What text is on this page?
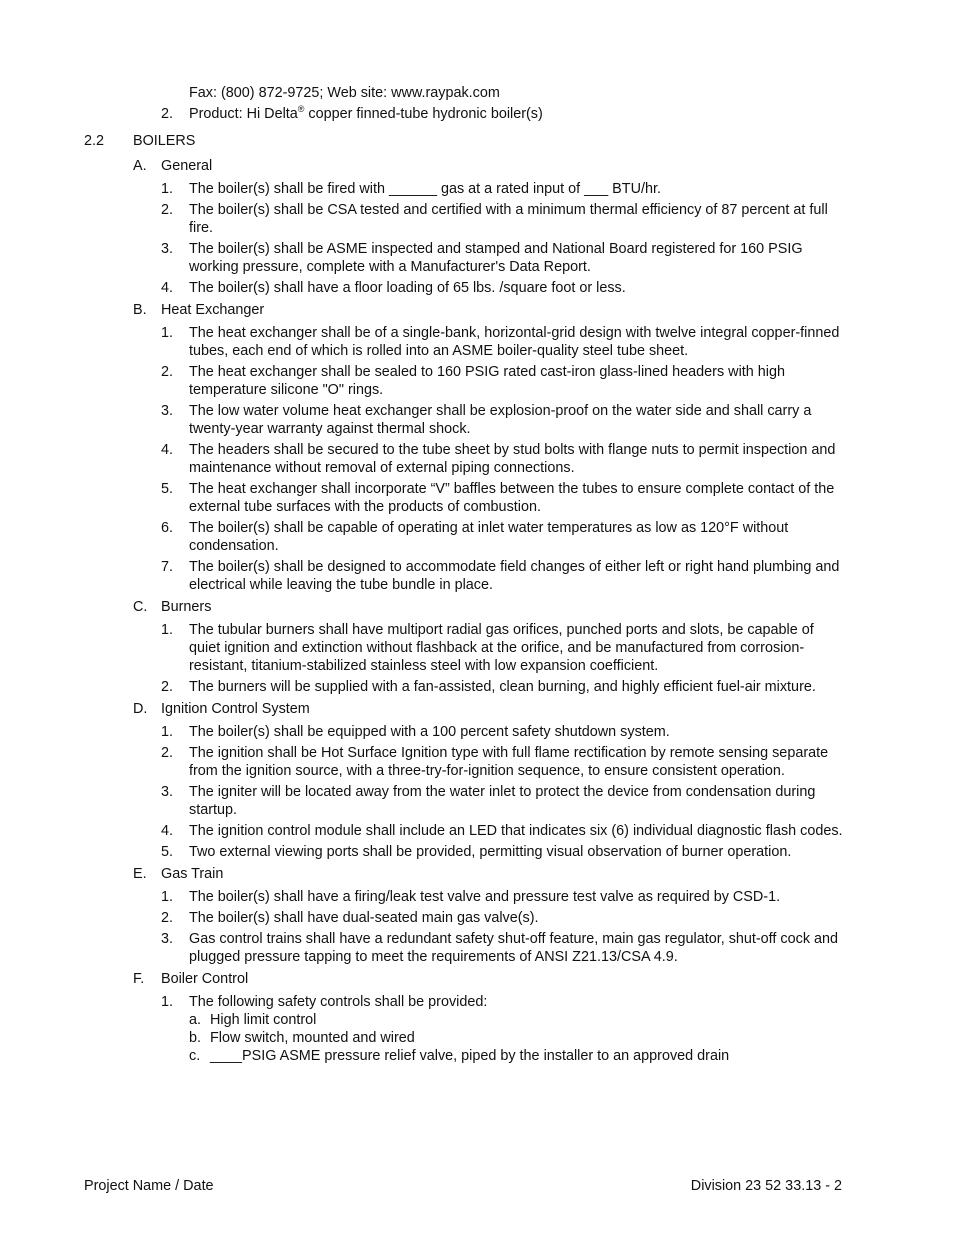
Fax: (800) 872-9725; Web site: www.raypak.com
2. Product: Hi Delta® copper finned-tube hydronic boiler(s)
2.2 BOILERS
A. General
1. The boiler(s) shall be fired with ______ gas at a rated input of ___ BTU/hr.
2. The boiler(s) shall be CSA tested and certified with a minimum thermal efficiency of 87 percent at full fire.
3. The boiler(s) shall be ASME inspected and stamped and National Board registered for 160 PSIG working pressure, complete with a Manufacturer's Data Report.
4. The boiler(s) shall have a floor loading of 65 lbs. /square foot or less.
B. Heat Exchanger
1. The heat exchanger shall be of a single-bank, horizontal-grid design with twelve integral copper-finned tubes, each end of which is rolled into an ASME boiler-quality steel tube sheet.
2. The heat exchanger shall be sealed to 160 PSIG rated cast-iron glass-lined headers with high temperature silicone "O" rings.
3. The low water volume heat exchanger shall be explosion-proof on the water side and shall carry a twenty-year warranty against thermal shock.
4. The headers shall be secured to the tube sheet by stud bolts with flange nuts to permit inspection and maintenance without removal of external piping connections.
5. The heat exchanger shall incorporate “V” baffles between the tubes to ensure complete contact of the external tube surfaces with the products of combustion.
6. The boiler(s) shall be capable of operating at inlet water temperatures as low as 120°F without condensation.
7. The boiler(s) shall be designed to accommodate field changes of either left or right hand plumbing and electrical while leaving the tube bundle in place.
C. Burners
1. The tubular burners shall have multiport radial gas orifices, punched ports and slots, be capable of quiet ignition and extinction without flashback at the orifice, and be manufactured from corrosion-resistant, titanium-stabilized stainless steel with low expansion coefficient.
2. The burners will be supplied with a fan-assisted, clean burning, and highly efficient fuel-air mixture.
D. Ignition Control System
1. The boiler(s) shall be equipped with a 100 percent safety shutdown system.
2. The ignition shall be Hot Surface Ignition type with full flame rectification by remote sensing separate from the ignition source, with a three-try-for-ignition sequence, to ensure consistent operation.
3. The igniter will be located away from the water inlet to protect the device from condensation during startup.
4. The ignition control module shall include an LED that indicates six (6) individual diagnostic flash codes.
5. Two external viewing ports shall be provided, permitting visual observation of burner operation.
E. Gas Train
1. The boiler(s) shall have a firing/leak test valve and pressure test valve as required by CSD-1.
2. The boiler(s) shall have dual-seated main gas valve(s).
3. Gas control trains shall have a redundant safety shut-off feature, main gas regulator, shut-off cock and plugged pressure tapping to meet the requirements of ANSI Z21.13/CSA 4.9.
F. Boiler Control
1. The following safety controls shall be provided:
a. High limit control
b. Flow switch, mounted and wired
c. ____PSIG ASME pressure relief valve, piped by the installer to an approved drain
Project Name / Date	Division 23 52 33.13 - 2
